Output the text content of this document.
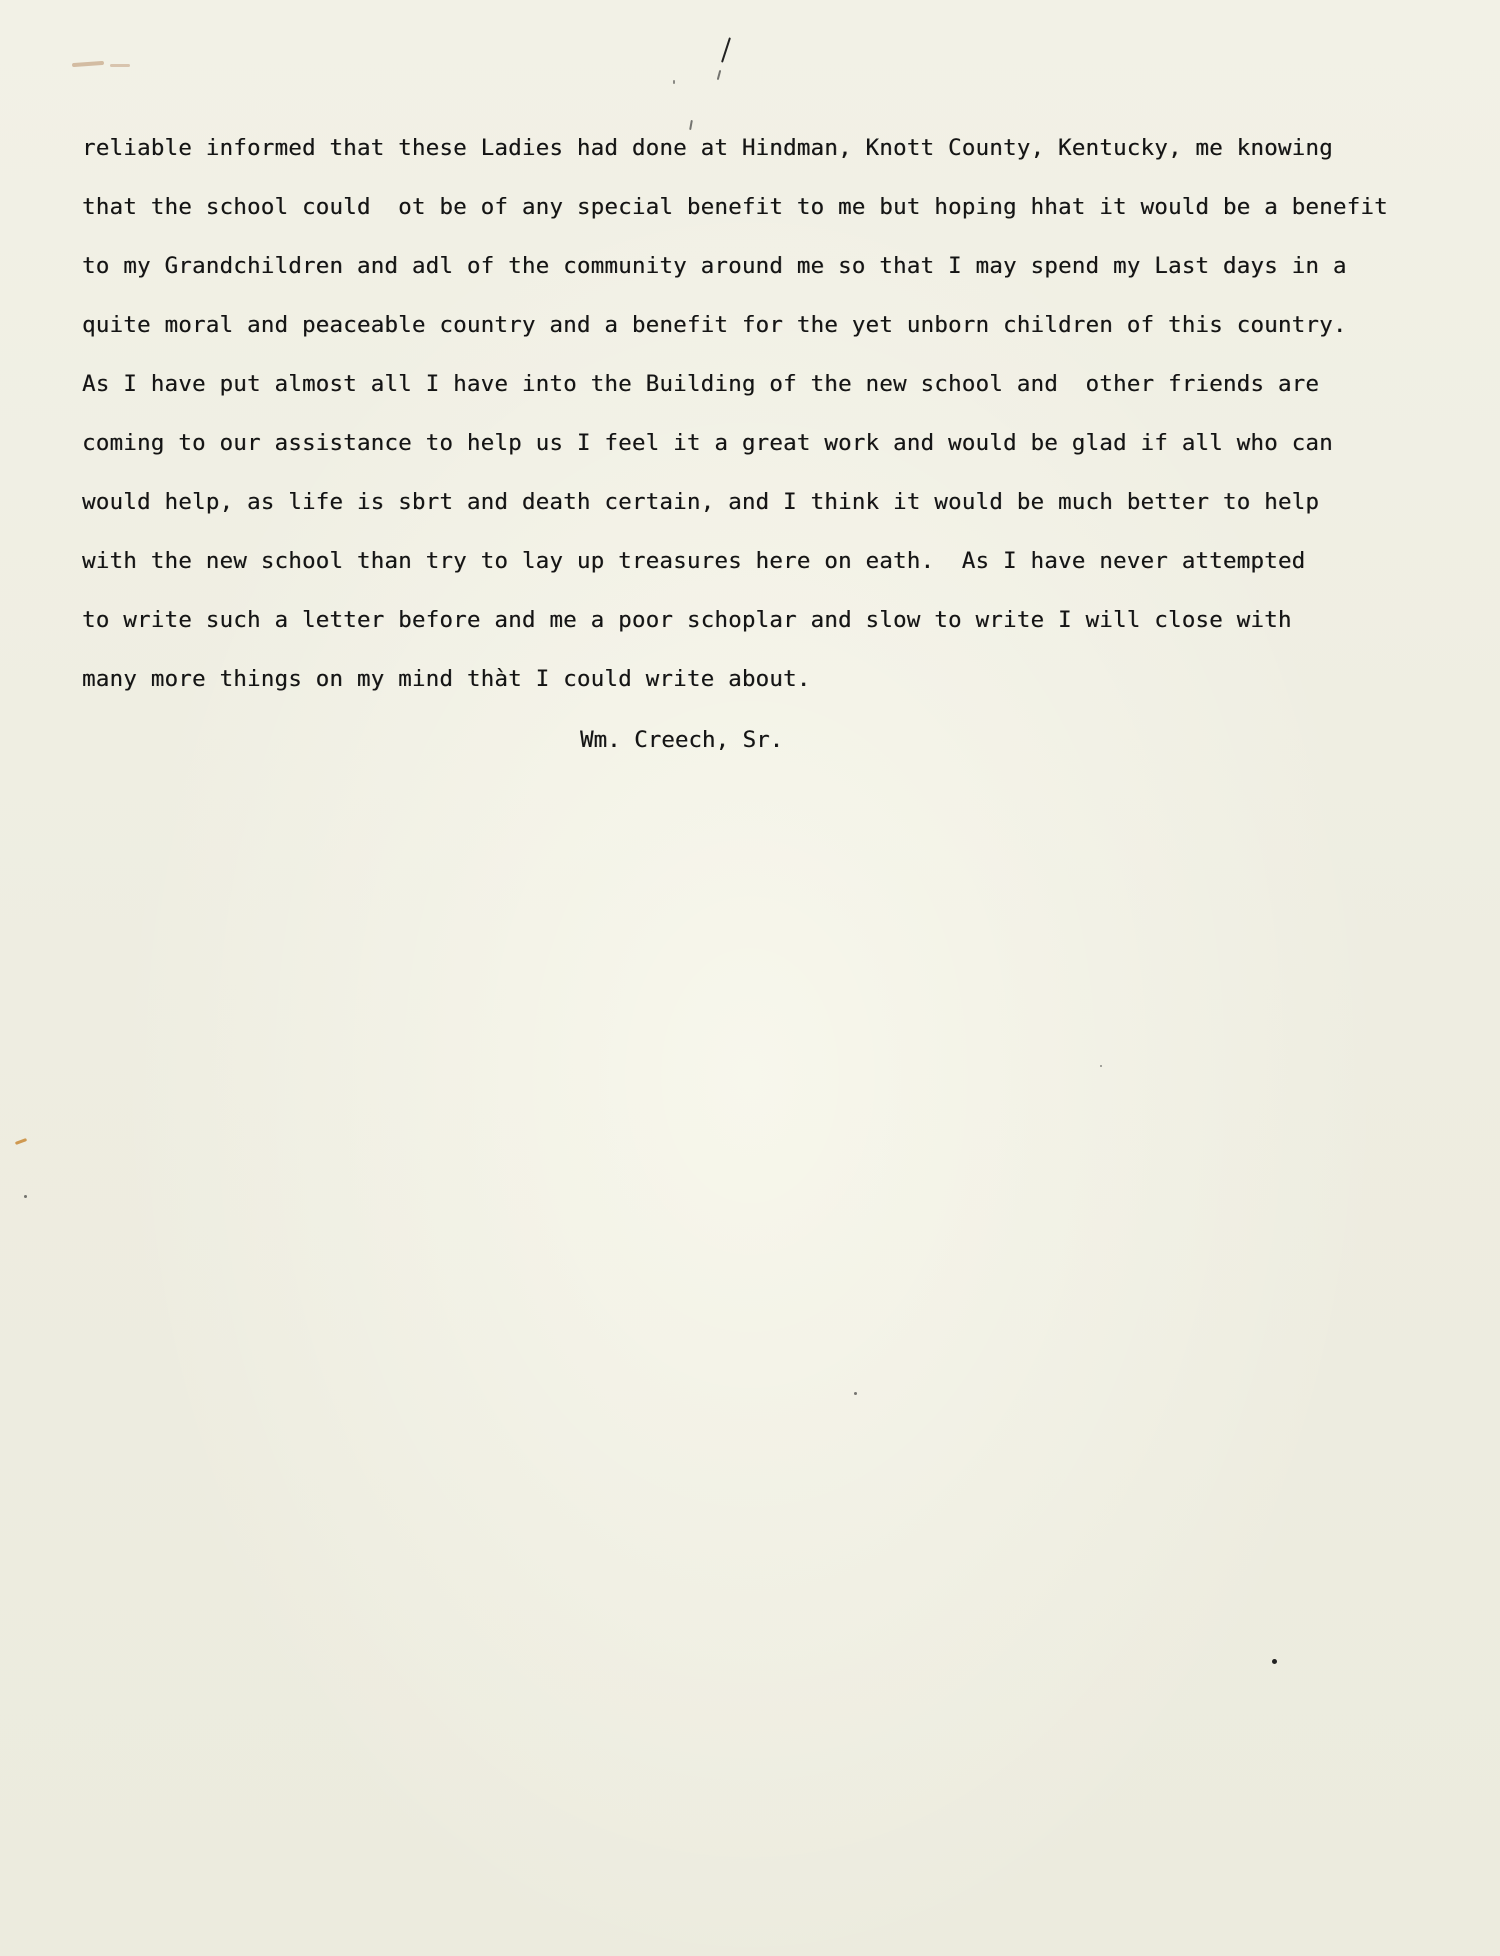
reliable informed that these Ladies had done at Hindman, Knott County, Kentucky, me knowing
that the school could  ot be of any special benefit to me but hoping hhat it would be a benefit
to my Grandchildren and adl of the community around me so that I may spend my Last days in a
quite moral and peaceable country and a benefit for the yet unborn children of this country.
As I have put almost all I have into the Building of the new school and  other friends are
coming to our assistance to help us I feel it a great work and would be glad if all who can
would help, as life is sbrt and death certain, and I think it would be much better to help
with the new school than try to lay up treasures here on eath.  As I have never attempted
to write such a letter before and me a poor schoplar and slow to write I will close with
many more things on my mind thàt I could write about.
Wm. Creech, Sr.
